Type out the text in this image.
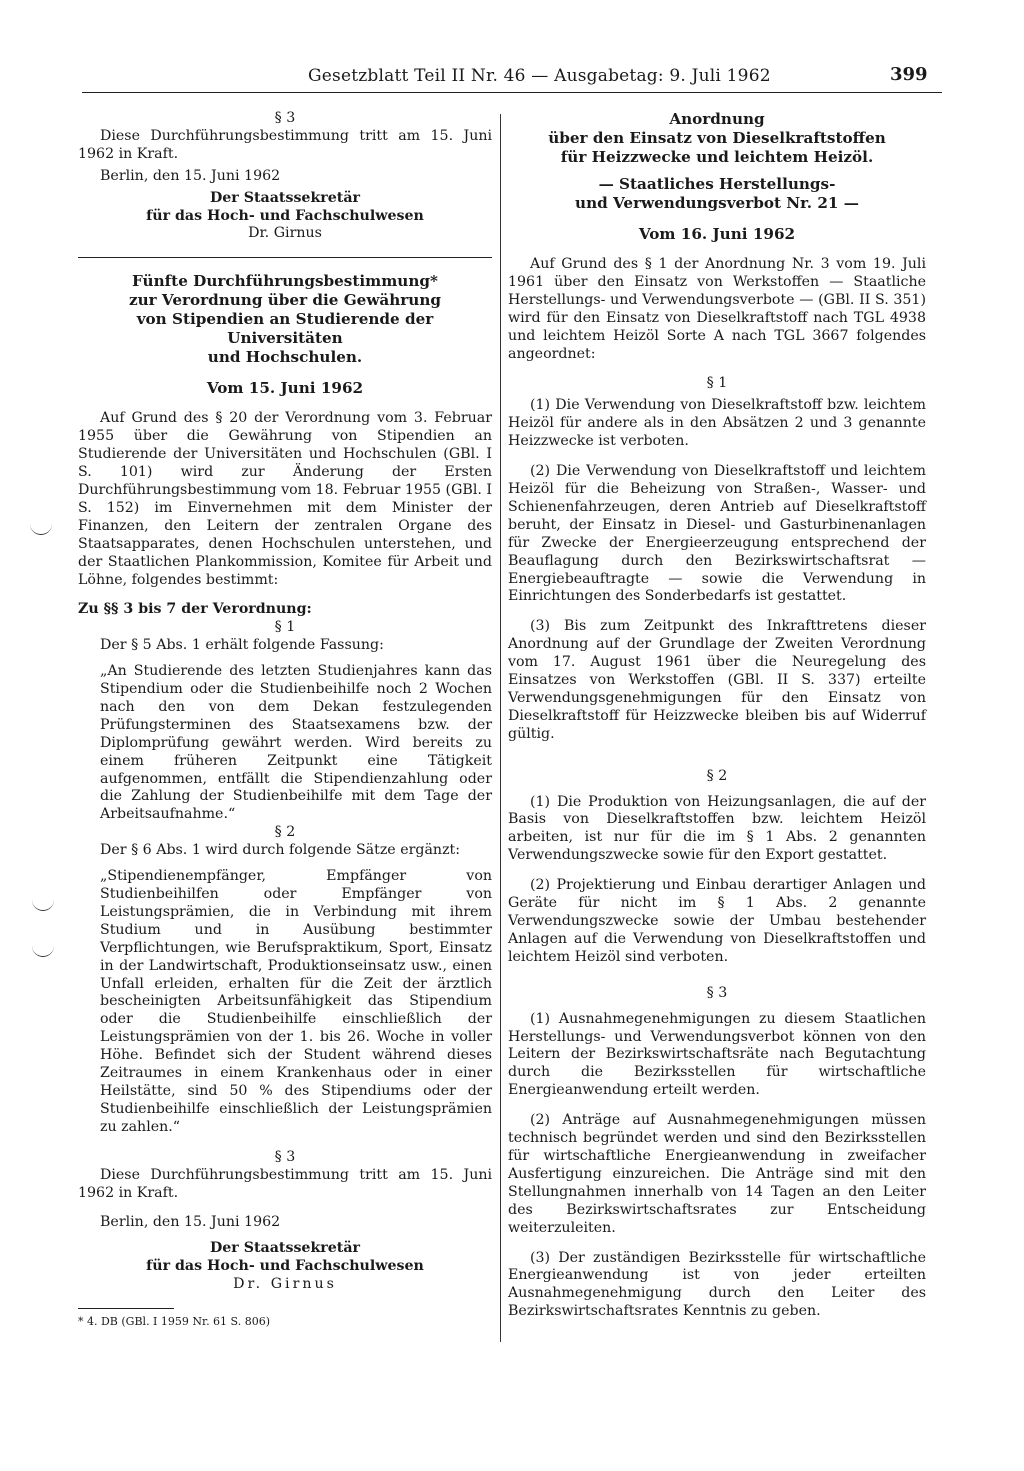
Gesetzblatt Teil II Nr. 46 — Ausgabetag: 9. Juli 1962	399

§ 3

Diese Durchführungsbestimmung tritt am 15. Juni 1962 in Kraft.

Berlin, den 15. Juni 1962

Der Staatssekretär

für das Hoch- und Fachschulwesen

Dr. Girnus

Fünfte Durchführungsbestimmung*
zur Verordnung über die Gewährung
von Stipendien an Studierende der Universitäten
und Hochschulen.
Vom 15. Juni 1962

Auf Grund des § 20 der Verordnung vom 3. Februar 1955 über die Gewährung von Stipendien an Studierende der Universitäten und Hochschulen (GBl. I S. 101) wird zur Änderung der Ersten Durchführungsbestimmung vom 18. Februar 1955 (GBl. I S. 152) im Einvernehmen mit dem Minister der Finanzen, den Leitern der zentralen Organe des Staatsapparates, denen Hochschulen unterstehen, und der Staatlichen Plankommission, Komitee für Arbeit und Löhne, folgendes bestimmt:

Zu §§ 3 bis 7 der Verordnung:

§ 1

Der § 5 Abs. 1 erhält folgende Fassung:

„An Studierende des letzten Studienjahres kann das Stipendium oder die Studienbeihilfe noch 2 Wochen nach den von dem Dekan festzulegenden Prüfungsterminen des Staatsexamens bzw. der Diplomprüfung gewährt werden. Wird bereits zu einem früheren Zeitpunkt eine Tätigkeit aufgenommen, entfällt die Stipendienzahlung oder die Zahlung der Studienbeihilfe mit dem Tage der Arbeitsaufnahme.“

§ 2

Der § 6 Abs. 1 wird durch folgende Sätze ergänzt:

„Stipendienempfänger, Empfänger von Studienbeihilfen oder Empfänger von Leistungsprämien, die in Verbindung mit ihrem Studium und in Ausübung bestimmter Verpflichtungen, wie Berufspraktikum, Sport, Einsatz in der Landwirtschaft, Produktionseinsatz usw., einen Unfall erleiden, erhalten für die Zeit der ärztlich bescheinigten Arbeitsunfähigkeit das Stipendium oder die Studienbeihilfe einschließlich der Leistungsprämien von der 1. bis 26. Woche in voller Höhe. Befindet sich der Student während dieses Zeitraumes in einem Krankenhaus oder in einer Heilstätte, sind 50 % des Stipendiums oder der Studienbeihilfe einschließlich der Leistungsprämien zu zahlen.“

§ 3

Diese Durchführungsbestimmung tritt am 15. Juni 1962 in Kraft.

Berlin, den 15. Juni 1962

Der Staatssekretär

für das Hoch- und Fachschulwesen

Dr. Girnus

* 4. DB (GBl. I 1959 Nr. 61 S. 806)

Anordnung
über den Einsatz von Dieselkraftstoffen
für Heizzwecke und leichtem Heizöl.
— Staatliches Herstellungs-
und Verwendungsverbot Nr. 21 —
Vom 16. Juni 1962

Auf Grund des § 1 der Anordnung Nr. 3 vom 19. Juli 1961 über den Einsatz von Werkstoffen — Staatliche Herstellungs- und Verwendungsverbote — (GBl. II S. 351) wird für den Einsatz von Dieselkraftstoff nach TGL 4938 und leichtem Heizöl Sorte A nach TGL 3667 folgendes angeordnet:

§ 1

(1) Die Verwendung von Dieselkraftstoff bzw. leichtem Heizöl für andere als in den Absätzen 2 und 3 genannte Heizzwecke ist verboten.

(2) Die Verwendung von Dieselkraftstoff und leichtem Heizöl für die Beheizung von Straßen-, Wasser- und Schienenfahrzeugen, deren Antrieb auf Dieselkraftstoff beruht, der Einsatz in Diesel- und Gasturbinenanlagen für Zwecke der Energieerzeugung entsprechend der Beauflagung durch den Bezirkswirtschaftsrat — Energiebeauftragte — sowie die Verwendung in Einrichtungen des Sonderbedarfs ist gestattet.

(3) Bis zum Zeitpunkt des Inkrafttretens dieser Anordnung auf der Grundlage der Zweiten Verordnung vom 17. August 1961 über die Neuregelung des Einsatzes von Werkstoffen (GBl. II S. 337) erteilte Verwendungsgenehmigungen für den Einsatz von Dieselkraftstoff für Heizzwecke bleiben bis auf Widerruf gültig.

§ 2

(1) Die Produktion von Heizungsanlagen, die auf der Basis von Dieselkraftstoffen bzw. leichtem Heizöl arbeiten, ist nur für die im § 1 Abs. 2 genannten Verwendungszwecke sowie für den Export gestattet.

(2) Projektierung und Einbau derartiger Anlagen und Geräte für nicht im § 1 Abs. 2 genannte Verwendungszwecke sowie der Umbau bestehender Anlagen auf die Verwendung von Dieselkraftstoffen und leichtem Heizöl sind verboten.

§ 3

(1) Ausnahmegenehmigungen zu diesem Staatlichen Herstellungs- und Verwendungsverbot können von den Leitern der Bezirkswirtschaftsräte nach Begutachtung durch die Bezirksstellen für wirtschaftliche Energieanwendung erteilt werden.

(2) Anträge auf Ausnahmegenehmigungen müssen technisch begründet werden und sind den Bezirksstellen für wirtschaftliche Energieanwendung in zweifacher Ausfertigung einzureichen. Die Anträge sind mit den Stellungnahmen innerhalb von 14 Tagen an den Leiter des Bezirkswirtschaftsrates zur Entscheidung weiterzuleiten.

(3) Der zuständigen Bezirksstelle für wirtschaftliche Energieanwendung ist von jeder erteilten Ausnahmegenehmigung durch den Leiter des Bezirkswirtschaftsrates Kenntnis zu geben.
